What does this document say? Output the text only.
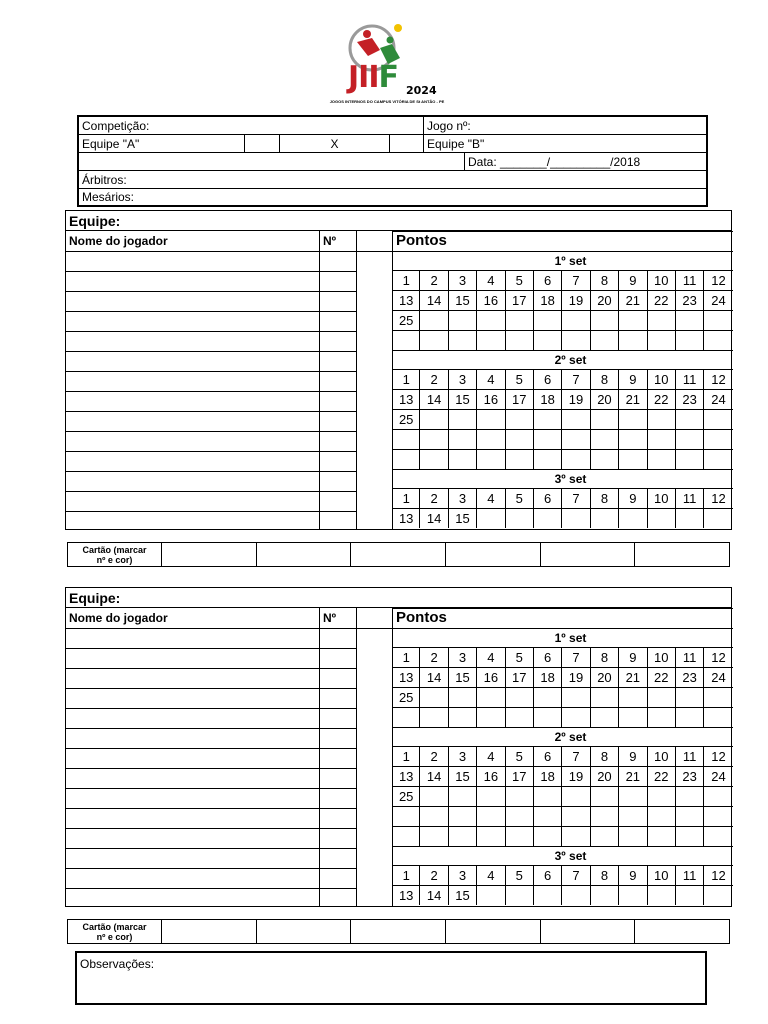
JIIF 2024
JOGOS INTERNOS DO CAMPUS VITÓRIA DE St ANTÃO - PE
Competição:	Jogo nº:
Equipe "A"	X	Equipe "B"
Data: _______/_________/2018
Árbitros:
Mesários:
Equipe:
Nome do jogador	Nº	Pontos
1º set
1	2	3	4	5	6	7	8	9	10	11	12
13	14	15	16	17	18	19	20	21	22	23	24
25
2º set
1	2	3	4	5	6	7	8	9	10	11	12
13	14	15	16	17	18	19	20	21	22	23	24
25
3º set
1	2	3	4	5	6	7	8	9	10	11	12
13	14	15
Cartão (marcar
nº e cor)
Equipe:
Nome do jogador	Nº	Pontos
1º set
1	2	3	4	5	6	7	8	9	10	11	12
13	14	15	16	17	18	19	20	21	22	23	24
25
2º set
1	2	3	4	5	6	7	8	9	10	11	12
13	14	15	16	17	18	19	20	21	22	23	24
25
3º set
1	2	3	4	5	6	7	8	9	10	11	12
13	14	15
Cartão (marcar
nº e cor)
Observações:
